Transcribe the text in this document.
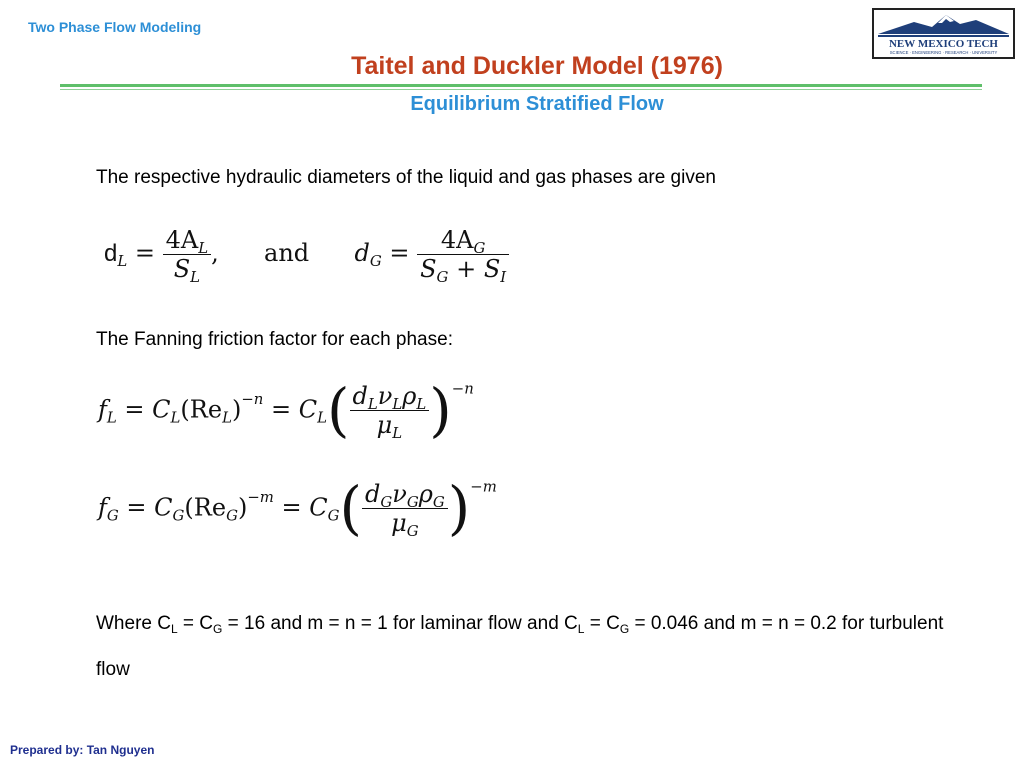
Two Phase Flow Modeling
NEW MEXICO TECH
SCIENCE · ENGINEERING · RESEARCH · UNIVERSITY
Taitel and Duckler Model (1976)
Equilibrium Stratified Flow
The respective hydraulic diameters of the liquid and gas phases are given
$d_L = \frac{4A_L}{S_L}$ ,  and $d_G = \frac{4A_G}{S_G + S_I}$
The Fanning friction factor for each phase:
$f_L = C_L(Re_L)^{-n} = C_L( \frac{d_L\nu_L\rho_L}{\mu_L} )^{-n}$
$f_G = C_G(Re_G)^{-m} = C_G( \frac{d_G\nu_G\rho_G}{\mu_G} )^{-m}$
Where $C_L = C_G = 16$ and m = n = 1 for laminar flow and $C_L = C_G = 0.046$ and m = n = 0.2 for turbulent flow
Prepared by: Tan Nguyen
